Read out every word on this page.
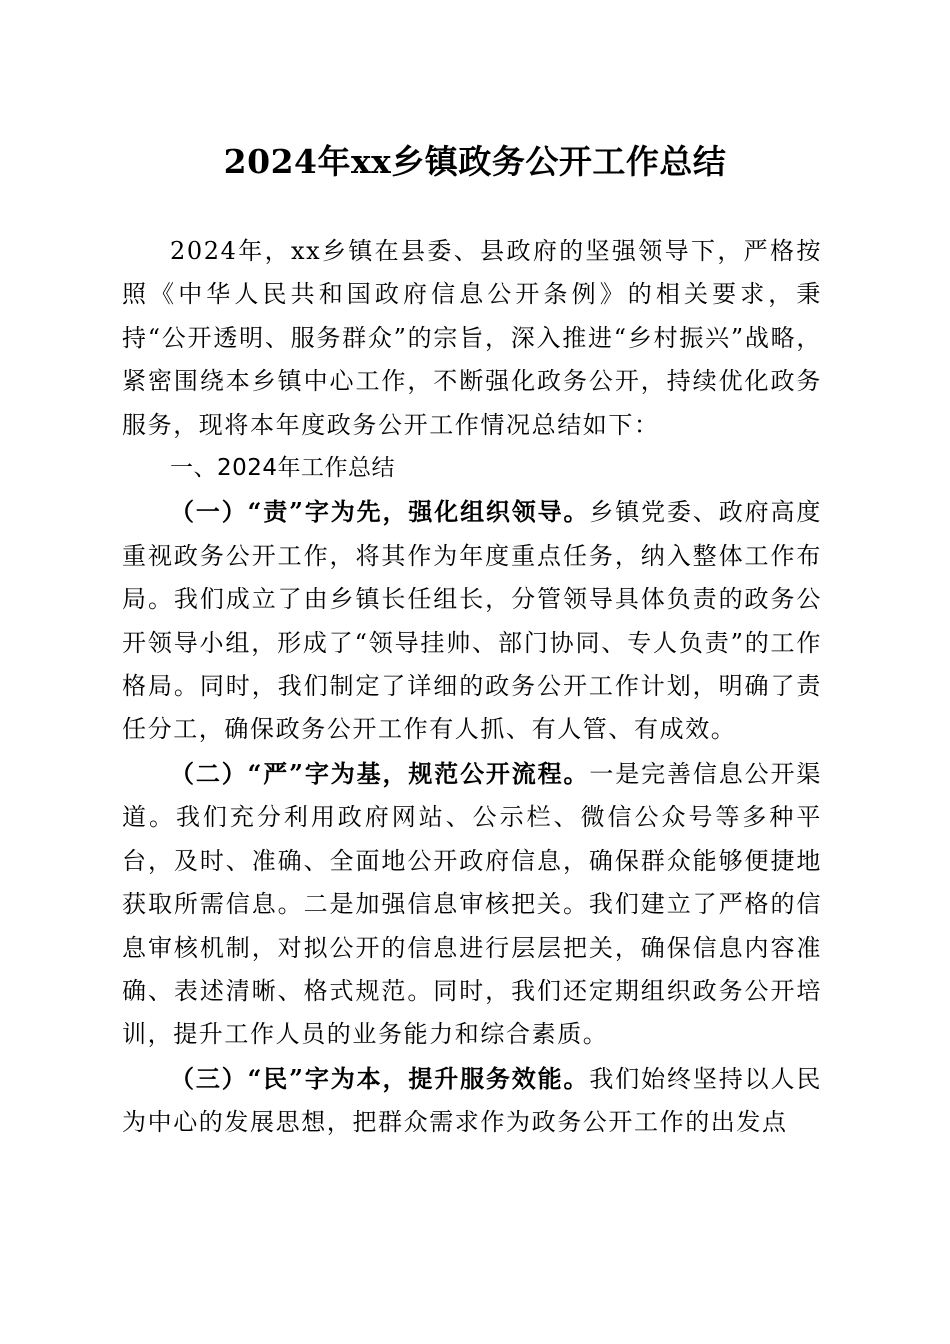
2024年xx乡镇政务公开工作总结

2024年，xx乡镇在县委、县政府的坚强领导下，严格按照《中华人民共和国政府信息公开条例》的相关要求，秉持“公开透明、服务群众”的宗旨，深入推进“乡村振兴”战略，紧密围绕本乡镇中心工作，不断强化政务公开，持续优化政务服务，现将本年度政务公开工作情况总结如下：

一、2024年工作总结

（一）“责”字为先，强化组织领导。乡镇党委、政府高度重视政务公开工作，将其作为年度重点任务，纳入整体工作布局。我们成立了由乡镇长任组长，分管领导具体负责的政务公开领导小组，形成了“领导挂帅、部门协同、专人负责”的工作格局。同时，我们制定了详细的政务公开工作计划，明确了责任分工，确保政务公开工作有人抓、有人管、有成效。

（二）“严”字为基，规范公开流程。一是完善信息公开渠道。我们充分利用政府网站、公示栏、微信公众号等多种平台，及时、准确、全面地公开政府信息，确保群众能够便捷地获取所需信息。二是加强信息审核把关。我们建立了严格的信息审核机制，对拟公开的信息进行层层把关，确保信息内容准确、表述清晰、格式规范。同时，我们还定期组织政务公开培训，提升工作人员的业务能力和综合素质。

（三）“民”字为本，提升服务效能。我们始终坚持以人民为中心的发展思想，把群众需求作为政务公开工作的出发点
